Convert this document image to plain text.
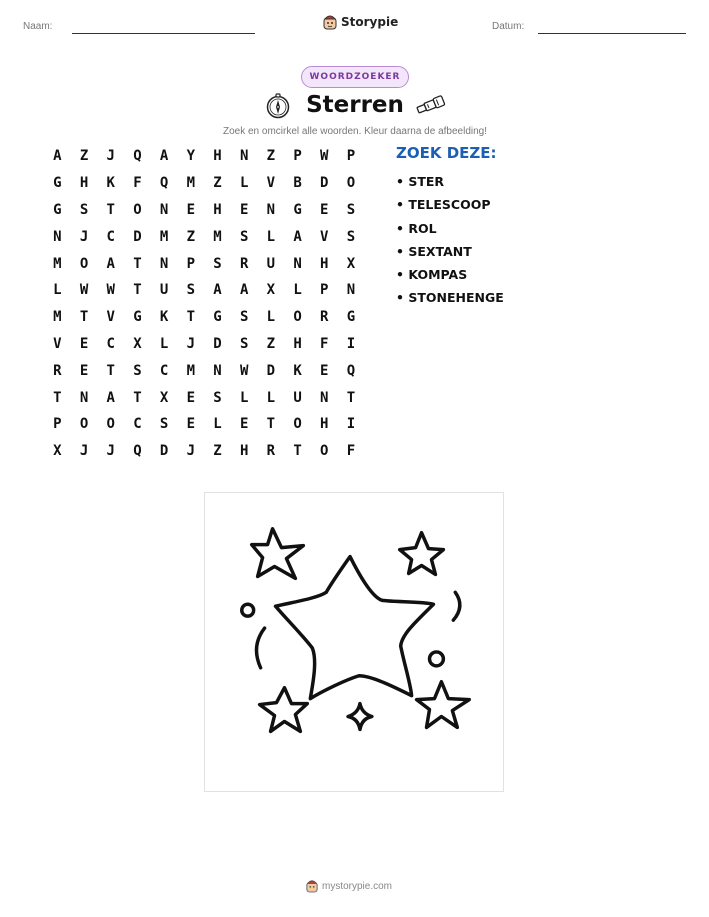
Naam:	Storypie	Datum:
WOORDZOEKER
Sterren
Zoek en omcirkel alle woorden. Kleur daarna de afbeelding!
A	Z	J	Q	A	Y	H	N	Z	P	W	P
G	H	K	F	Q	M	Z	L	V	B	D	O
G	S	T	O	N	E	H	E	N	G	E	S
N	J	C	D	M	Z	M	S	L	A	V	S
M	O	A	T	N	P	S	R	U	N	H	X
L	W	W	T	U	S	A	A	X	L	P	N
M	T	V	G	K	T	G	S	L	O	R	G
V	E	C	X	L	J	D	S	Z	H	F	I
R	E	T	S	C	M	N	W	D	K	E	Q
T	N	A	T	X	E	S	L	L	U	N	T
P	O	O	C	S	E	L	E	T	O	H	I
X	J	J	Q	D	J	Z	H	R	T	O	F
ZOEK DEZE:
• STER
• TELESCOOP
• ROL
• SEXTANT
• KOMPAS
• STONEHENGE
mystorypie.com
